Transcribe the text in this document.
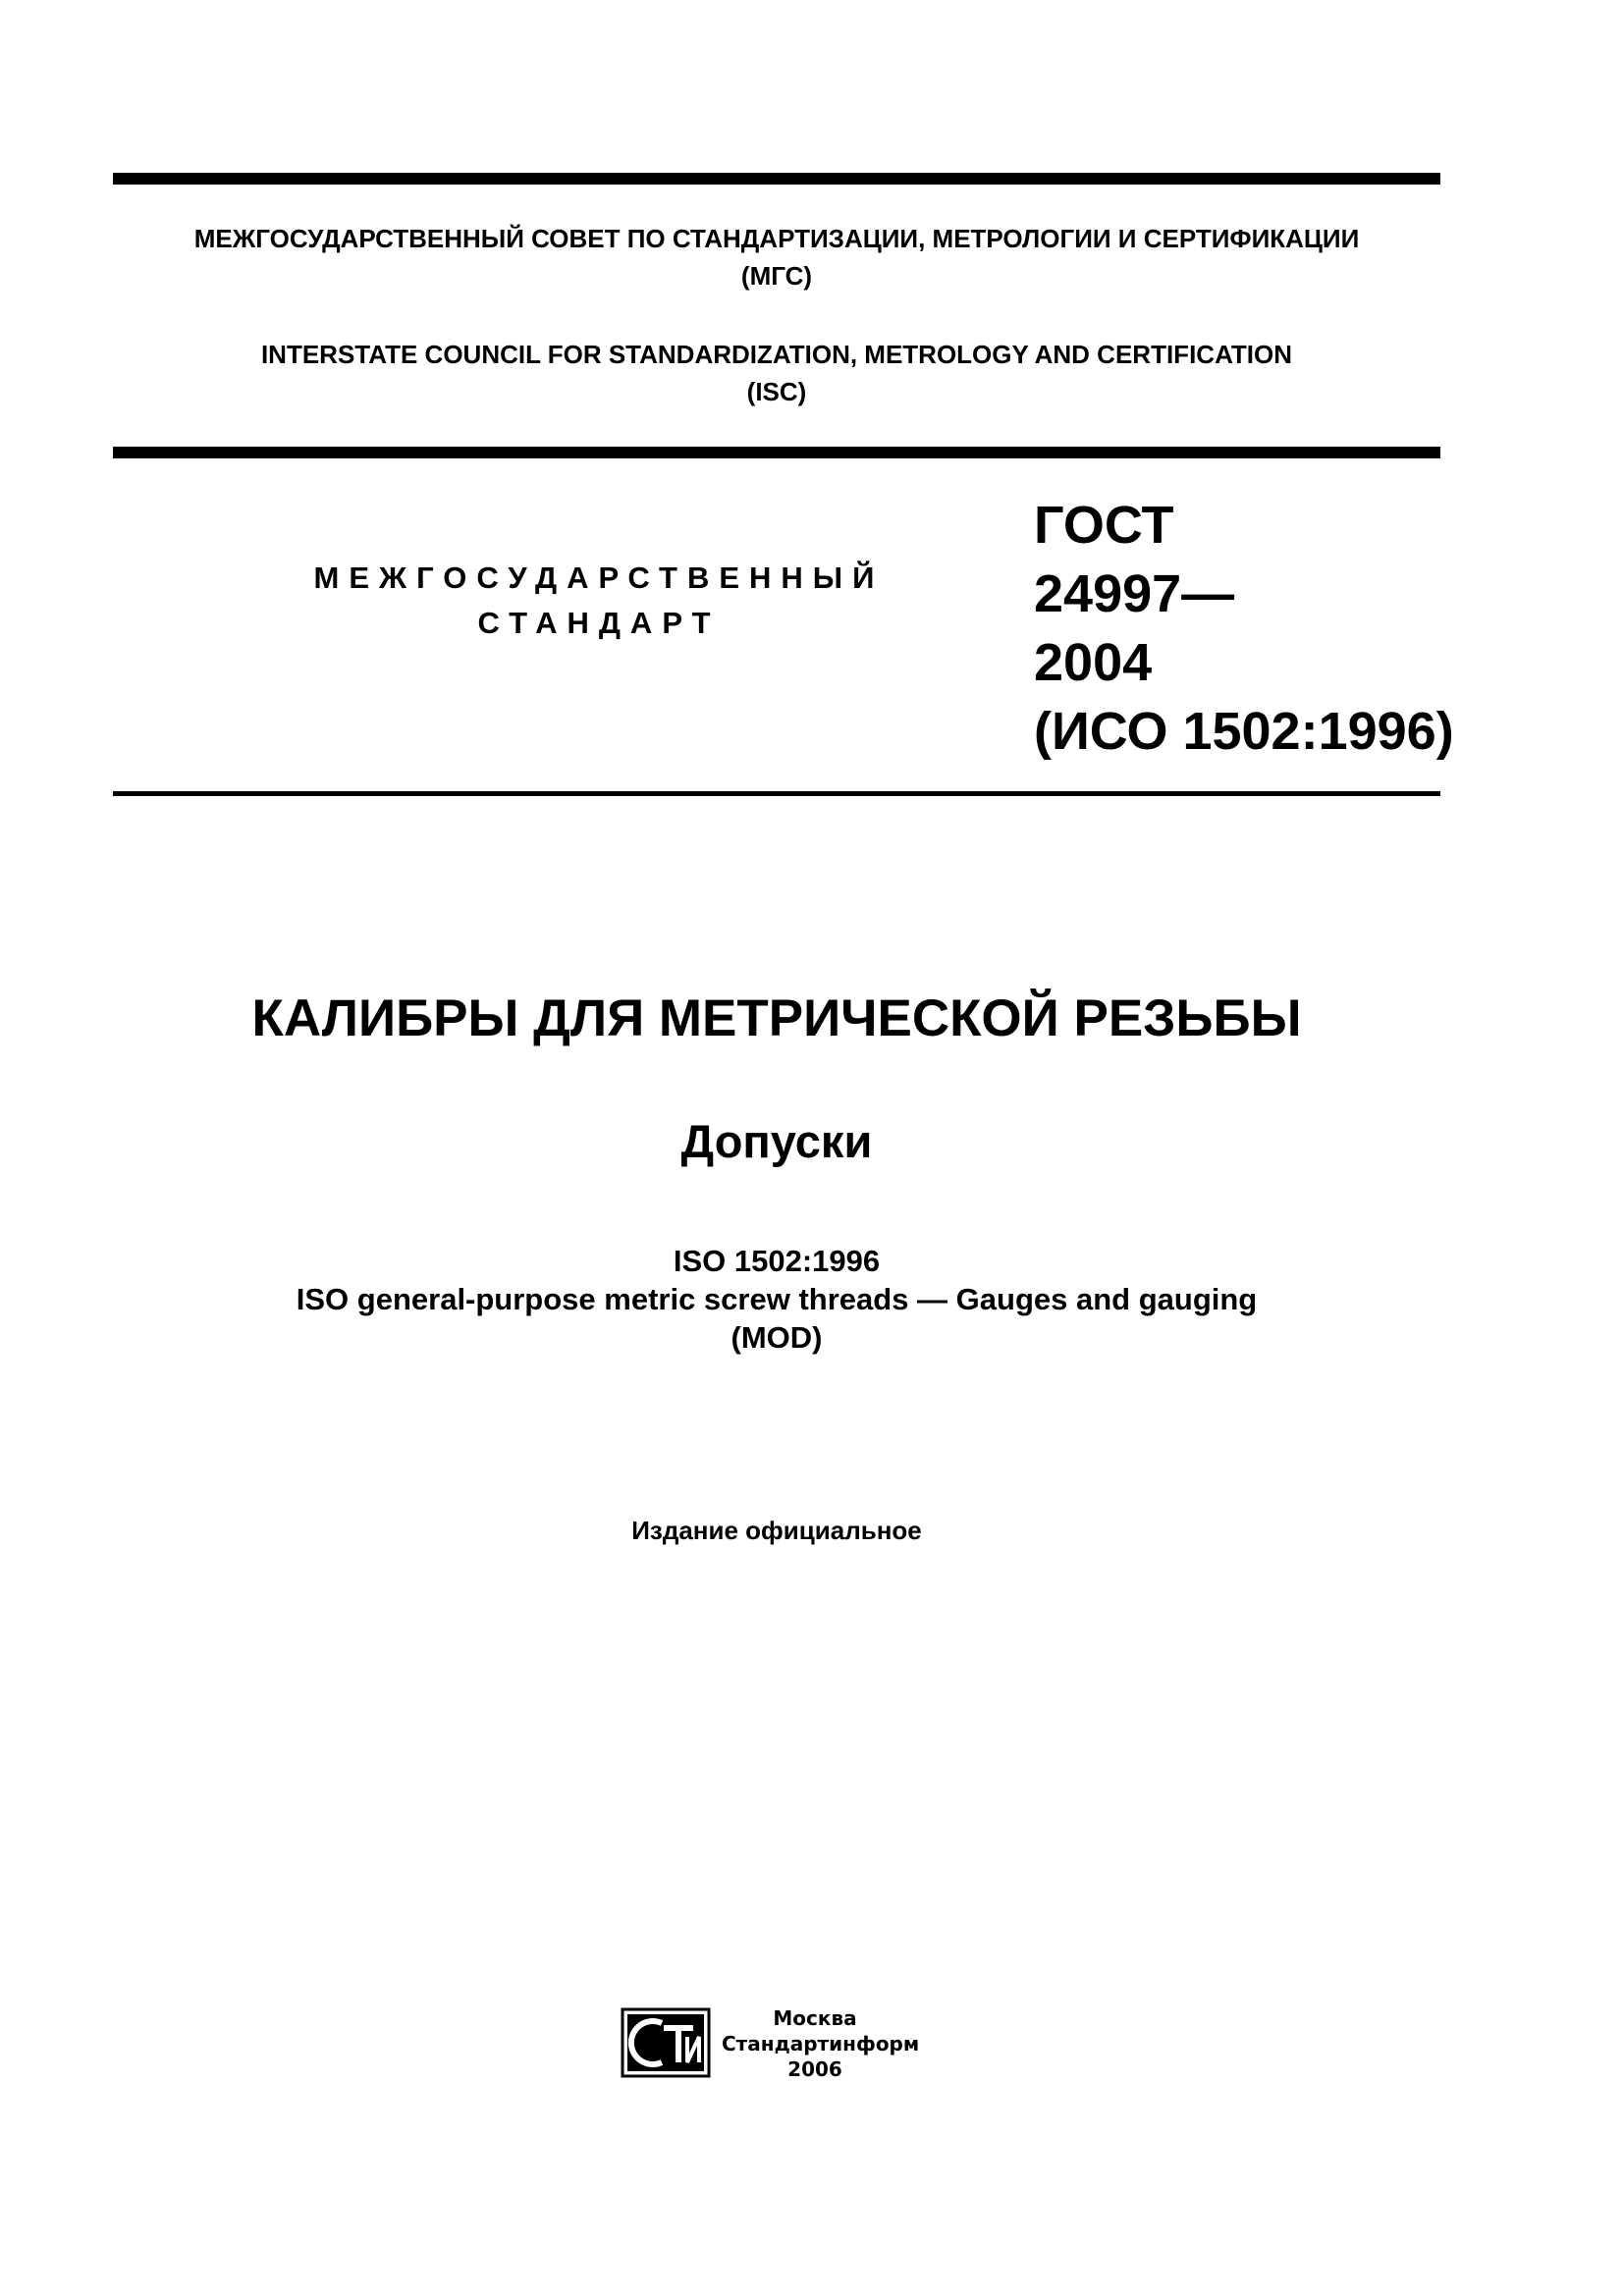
МЕЖГОСУДАРСТВЕННЫЙ СОВЕТ ПО СТАНДАРТИЗАЦИИ, МЕТРОЛОГИИ И СЕРТИФИКАЦИИ
(МГС)
INTERSTATE COUNCIL FOR STANDARDIZATION, METROLOGY AND CERTIFICATION
(ISC)
МЕЖГОСУДАРСТВЕННЫЙ
СТАНДАРТ
ГОСТ
24997—
2004
(ИСО 1502:1996)
КАЛИБРЫ ДЛЯ МЕТРИЧЕСКОЙ РЕЗЬБЫ
Допуски
ISO 1502:1996
ISO general-purpose metric screw threads — Gauges and gauging
(MOD)
Издание официальное
Москва
Стандартинформ
2006
